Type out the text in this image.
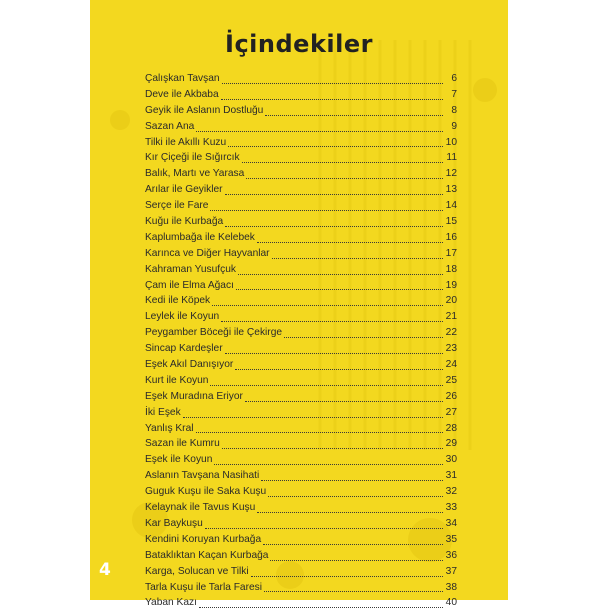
İçindekiler
Çalışkan Tavşan	6
Deve ile Akbaba	7
Geyik ile Aslanın Dostluğu	8
Sazan Ana	9
Tilki ile Akıllı Kuzu	10
Kır Çiçeği ile Sığırcık	11
Balık, Martı ve Yarasa	12
Arılar ile Geyikler	13
Serçe ile Fare	14
Kuğu ile Kurbağa	15
Kaplumbağa ile Kelebek	16
Karınca ve Diğer Hayvanlar	17
Kahraman Yusufçuk	18
Çam ile Elma Ağacı	19
Kedi ile Köpek	20
Leylek ile Koyun	21
Peygamber Böceği ile Çekirge	22
Sincap Kardeşler	23
Eşek Akıl Danışıyor	24
Kurt ile Koyun	25
Eşek Muradına Eriyor	26
İki Eşek	27
Yanlış Kral	28
Sazan ile Kumru	29
Eşek ile Koyun	30
Aslanın Tavşana Nasihati	31
Guguk Kuşu ile Saka Kuşu	32
Kelaynak ile Tavus Kuşu	33
Kar Baykuşu	34
Kendini Koruyan Kurbağa	35
Bataklıktan Kaçan Kurbağa	36
Karga, Solucan ve Tilki	37
Tarla Kuşu ile Tarla Faresi	38
Yaban Kazı	40
4
